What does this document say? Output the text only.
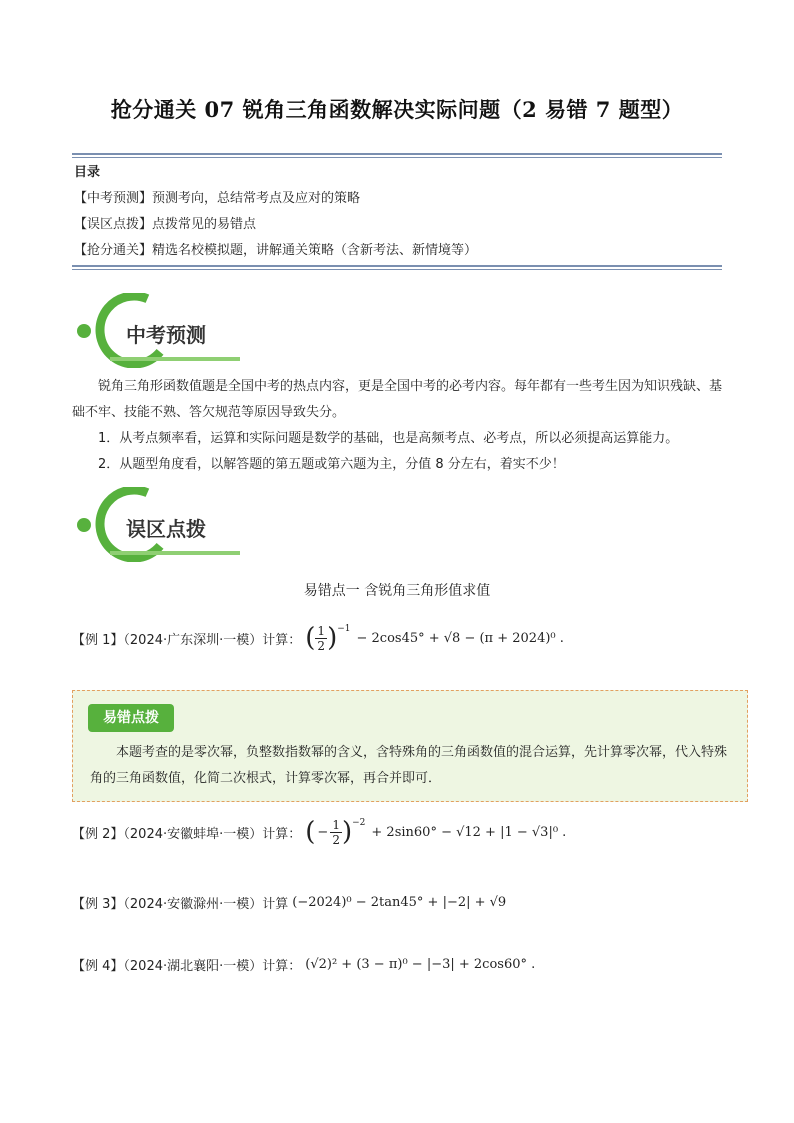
抢分通关 07 锐角三角函数解决实际问题（2 易错 7 题型）
目录
【中考预测】预测考向，总结常考点及应对的策略
【误区点拨】点拨常见的易错点
【抢分通关】精选名校模拟题，讲解通关策略（含新考法、新情境等）
中考预测

锐角三角形函数值题是全国中考的热点内容，更是全国中考的必考内容。每年都有一些考生因为知识残缺、基础不牢、技能不熟、答欠规范等原因导致失分。

1．从考点频率看，运算和实际问题是数学的基础，也是高频考点、必考点，所以必须提高运算能力。

2．从题型角度看，以解答题的第五题或第六题为主，分值 8 分左右，着实不少！

误区点拨
易错点一 含锐角三角形值求值
【例 1】（2024·广东深圳·一模）计算： ( $\frac{1}{2} )^{-1}$
− 2cos45° + √8 − (π + 2024)⁰ .
易错点拨

本题考查的是零次幂，负整数指数幂的含义，含特殊角的三角函数值的混合运算，先计算零次幂，代入特殊角的三角函数值，化简二次根式，计算零次幂，再合并即可．

【例 2】（2024·安徽蚌埠·一模）计算： ( − $\frac{1}{2} )^{-2}$
+ 2sin60° − √12 + |1 − √3|⁰ .
【例 3】（2024·安徽滁州·一模）计算 (−2024)⁰ − 2tan45° + |−2| + √9
【例 4】（2024·湖北襄阳·一模）计算： (√2)² + (3 − π)⁰ − |−3| + 2cos60° .
